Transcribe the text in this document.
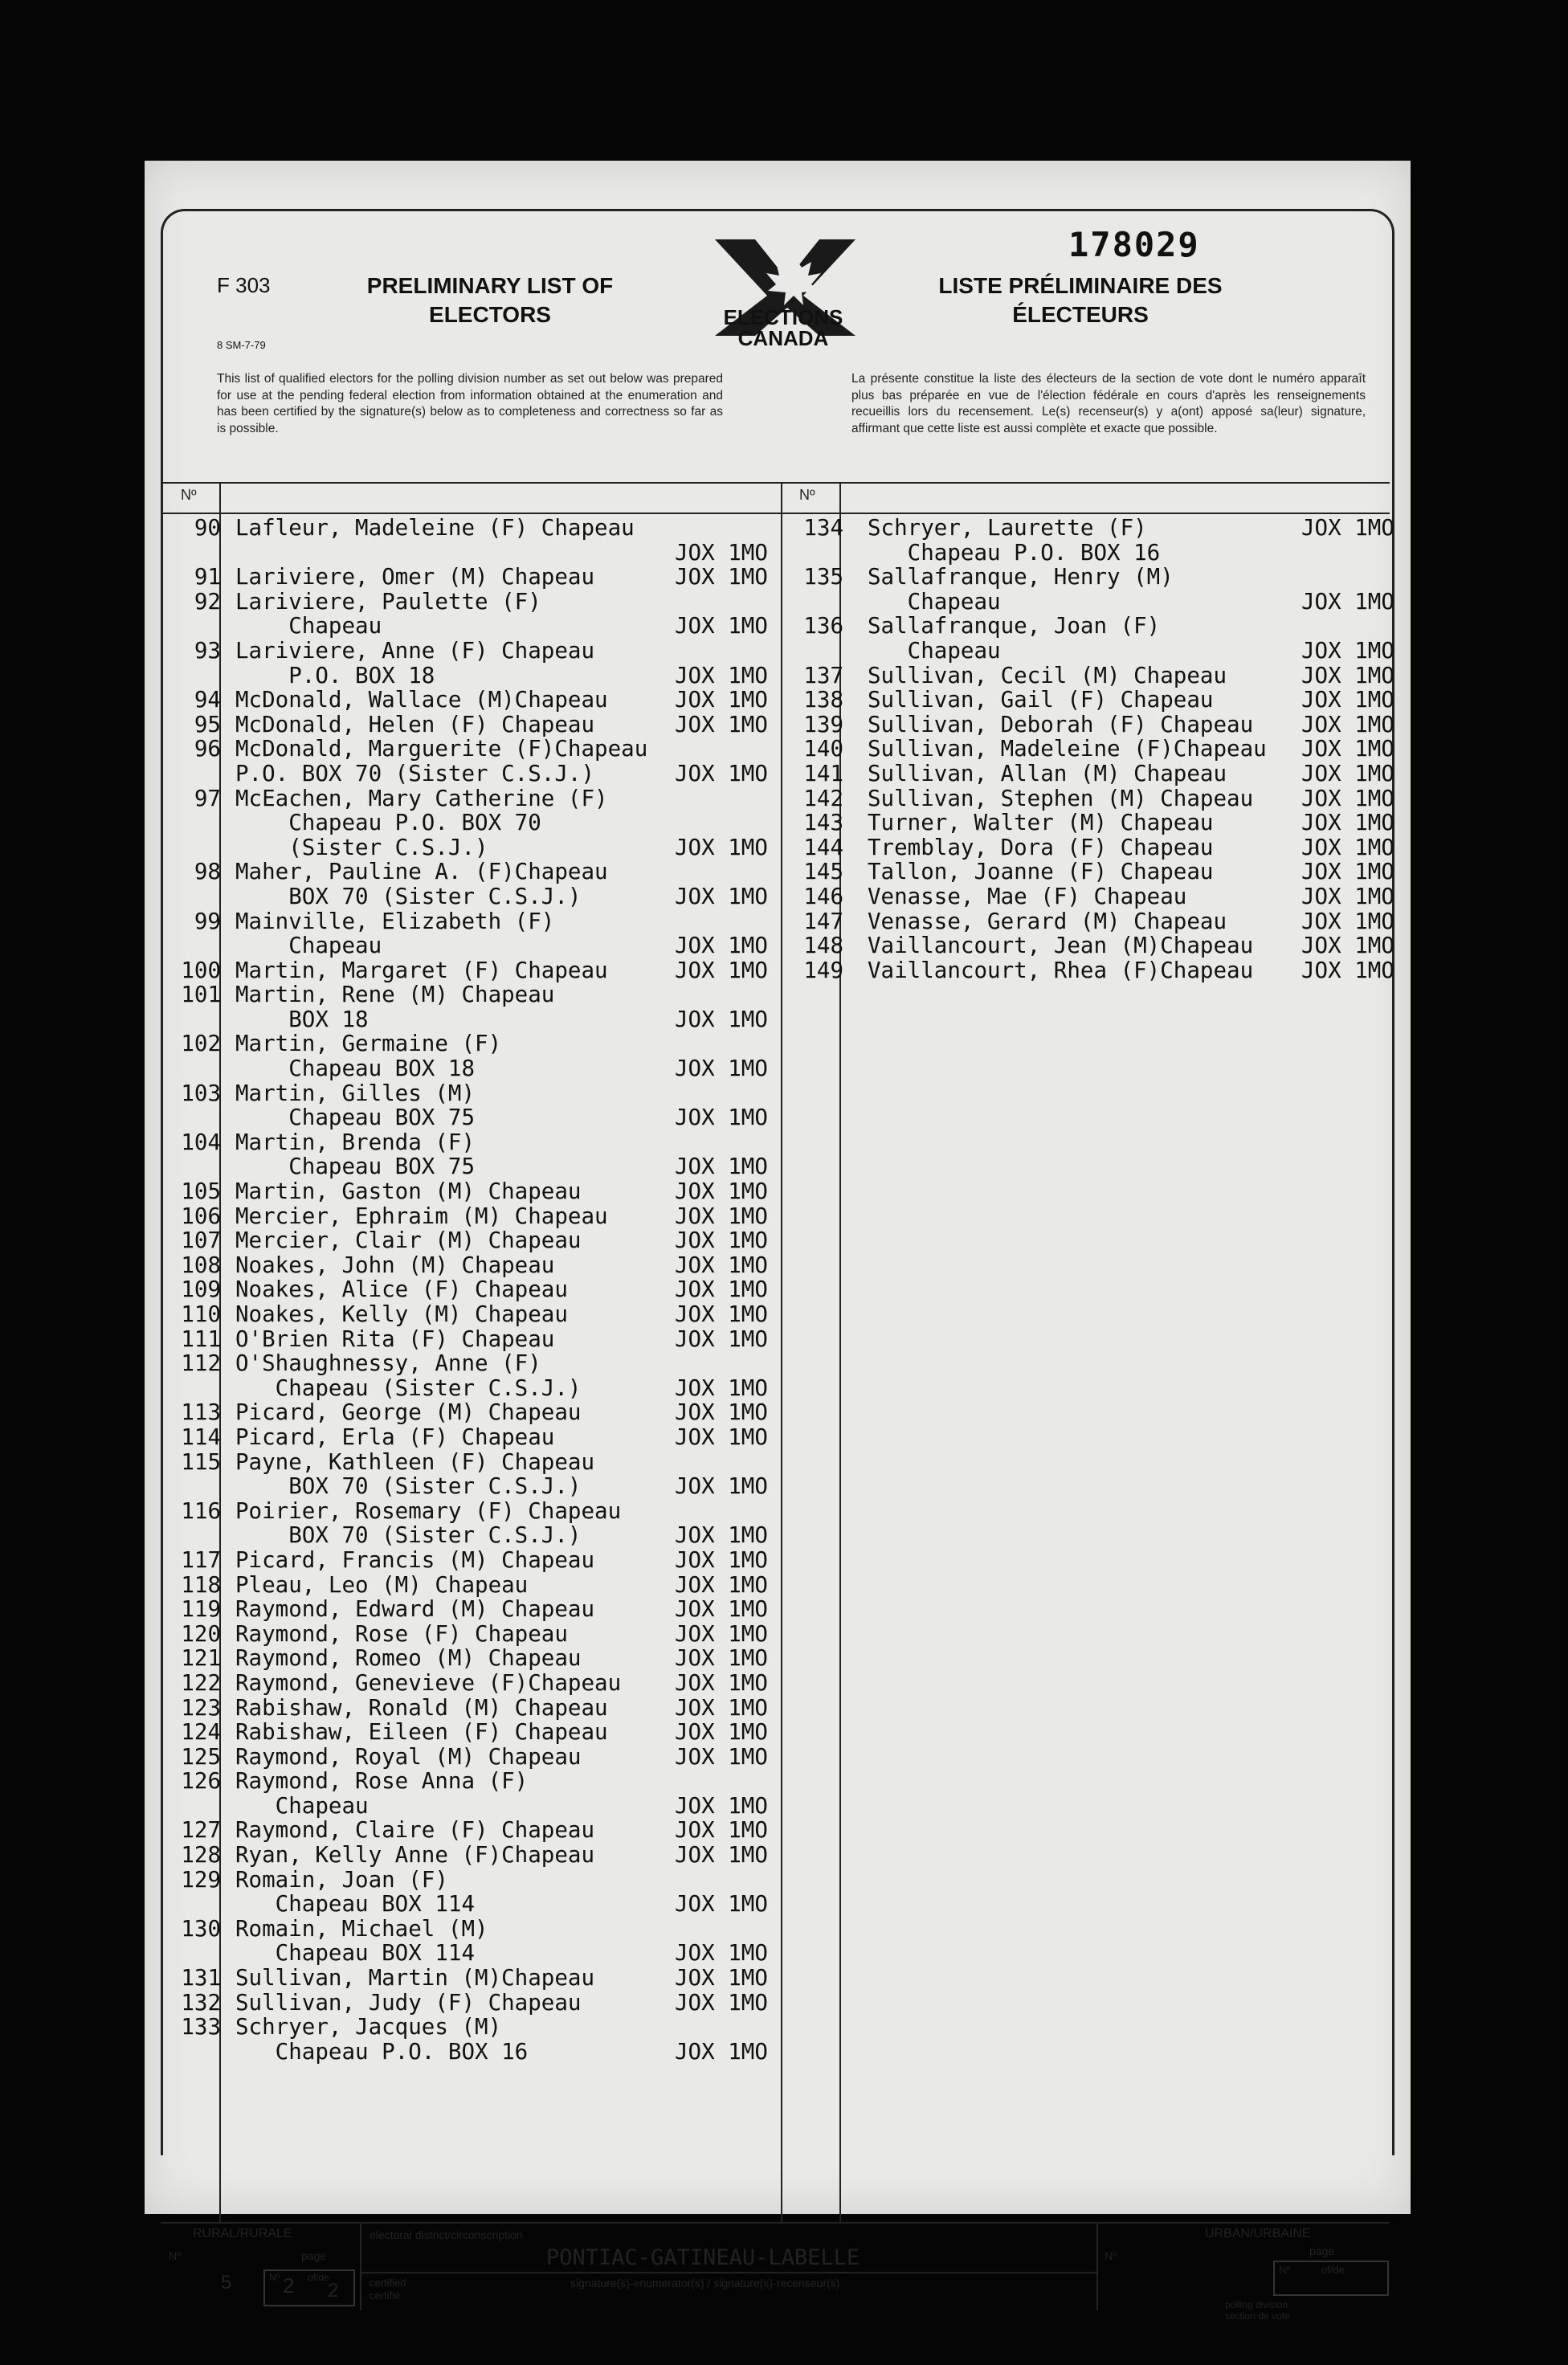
178029
F 303
8 SM-7-79
PRELIMINARY LIST OF ELECTORS
LISTE PRÉLIMINAIRE DES ÉLECTEURS
ELECTIONS
CANADA
This list of qualified electors for the polling division number as set out below was prepared for use at the pending federal election from information obtained at the enumeration and has been certified by the signature(s) below as to completeness and correctness so far as is possible.
La présente constitue la liste des électeurs de la section de vote dont le numéro apparaît plus bas préparée en vue de l'élection fédérale en cours d'après les renseignements recueillis lors du recensement. Le(s) recenseur(s) y a(ont) apposé sa(leur) signature, affirmant que cette liste est aussi complète et exacte que possible.
Nº	Nº
90 Lafleur, Madeleine (F) Chapeau
JOX 1MO
91 Lariviere, Omer (M) Chapeau	JOX 1MO
92 Lariviere, Paulette (F)
Chapeau	JOX 1MO
93 Lariviere, Anne (F) Chapeau
P.O. BOX 18	JOX 1MO
94 McDonald, Wallace (M)Chapeau	JOX 1MO
95 McDonald, Helen (F) Chapeau	JOX 1MO
96 McDonald, Marguerite (F)Chapeau
P.O. BOX 70 (Sister C.S.J.)	JOX 1MO
97 McEachen, Mary Catherine (F)
Chapeau P.O. BOX 70
(Sister C.S.J.)	JOX 1MO
98 Maher, Pauline A. (F)Chapeau
BOX 70 (Sister C.S.J.)	JOX 1MO
99 Mainville, Elizabeth (F)
Chapeau	JOX 1MO
100 Martin, Margaret (F) Chapeau	JOX 1MO
101 Martin, Rene (M) Chapeau
BOX 18	JOX 1MO
102 Martin, Germaine (F)
Chapeau BOX 18	JOX 1MO
103 Martin, Gilles (M)
Chapeau BOX 75	JOX 1MO
104 Martin, Brenda (F)
Chapeau BOX 75	JOX 1MO
105 Martin, Gaston (M) Chapeau	JOX 1MO
106 Mercier, Ephraim (M) Chapeau	JOX 1MO
107 Mercier, Clair (M) Chapeau	JOX 1MO
108 Noakes, John (M) Chapeau	JOX 1MO
109 Noakes, Alice (F) Chapeau	JOX 1MO
110 Noakes, Kelly (M) Chapeau	JOX 1MO
111 O'Brien Rita (F) Chapeau	JOX 1MO
112 O'Shaughnessy, Anne (F)
Chapeau (Sister C.S.J.)	JOX 1MO
113 Picard, George (M) Chapeau	JOX 1MO
114 Picard, Erla (F) Chapeau	JOX 1MO
115 Payne, Kathleen (F) Chapeau
BOX 70 (Sister C.S.J.)	JOX 1MO
116 Poirier, Rosemary (F) Chapeau
BOX 70 (Sister C.S.J.)	JOX 1MO
117 Picard, Francis (M) Chapeau	JOX 1MO
118 Pleau, Leo (M) Chapeau	JOX 1MO
119 Raymond, Edward (M) Chapeau	JOX 1MO
120 Raymond, Rose (F) Chapeau	JOX 1MO
121 Raymond, Romeo (M) Chapeau	JOX 1MO
122 Raymond, Genevieve (F)Chapeau JOX 1MO
123 Rabishaw, Ronald (M) Chapeau	JOX 1MO
124 Rabishaw, Eileen (F) Chapeau	JOX 1MO
125 Raymond, Royal (M) Chapeau	JOX 1MO
126 Raymond, Rose Anna (F)
Chapeau	JOX 1MO
127 Raymond, Claire (F) Chapeau	JOX 1MO
128 Ryan, Kelly Anne (F)Chapeau	JOX 1MO
129 Romain, Joan (F)
Chapeau BOX 114	JOX 1MO
130 Romain, Michael (M)
Chapeau BOX 114	JOX 1MO
131 Sullivan, Martin (M)Chapeau	JOX 1MO
132 Sullivan, Judy (F) Chapeau	JOX 1MO
133 Schryer, Jacques (M)
Chapeau P.O. BOX 16	JOX 1MO
134 Schryer, Laurette (F)	JOX 1MO
Chapeau P.O. BOX 16
135 Sallafranque, Henry (M)
Chapeau	JOX 1MO
136 Sallafranque, Joan (F)
Chapeau	JOX 1MO
137 Sullivan, Cecil (M) Chapeau	JOX 1MO
138 Sullivan, Gail (F) Chapeau	JOX 1MO
139 Sullivan, Deborah (F) Chapeau JOX 1MO
140 Sullivan, Madeleine (F)Chapeau JOX 1MO
141 Sullivan, Allan (M) Chapeau	JOX 1MO
142 Sullivan, Stephen (M) Chapeau JOX 1MO
143 Turner, Walter (M) Chapeau	JOX 1MO
144 Tremblay, Dora (F) Chapeau	JOX 1MO
145 Tallon, Joanne (F) Chapeau	JOX 1MO
146 Venasse, Mae (F) Chapeau	JOX 1MO
147 Venasse, Gerard (M) Chapeau	JOX 1MO
148 Vaillancourt, Jean (M)Chapeau JOX 1MO
149 Vaillancourt, Rhea (F)Chapeau JOX 1MO
RURAL/RURALE
Nº	page
5	Nº 2 of/de
2
electoral district/circonscription
PONTIAC-GATINEAU-LABELLE
certified
certifié
signature(s)-enumerator(s) / signature(s)-recenseur(s)
URBAN/URBAINE
Nº	page
Nº	of/de
polling division
section de vote
